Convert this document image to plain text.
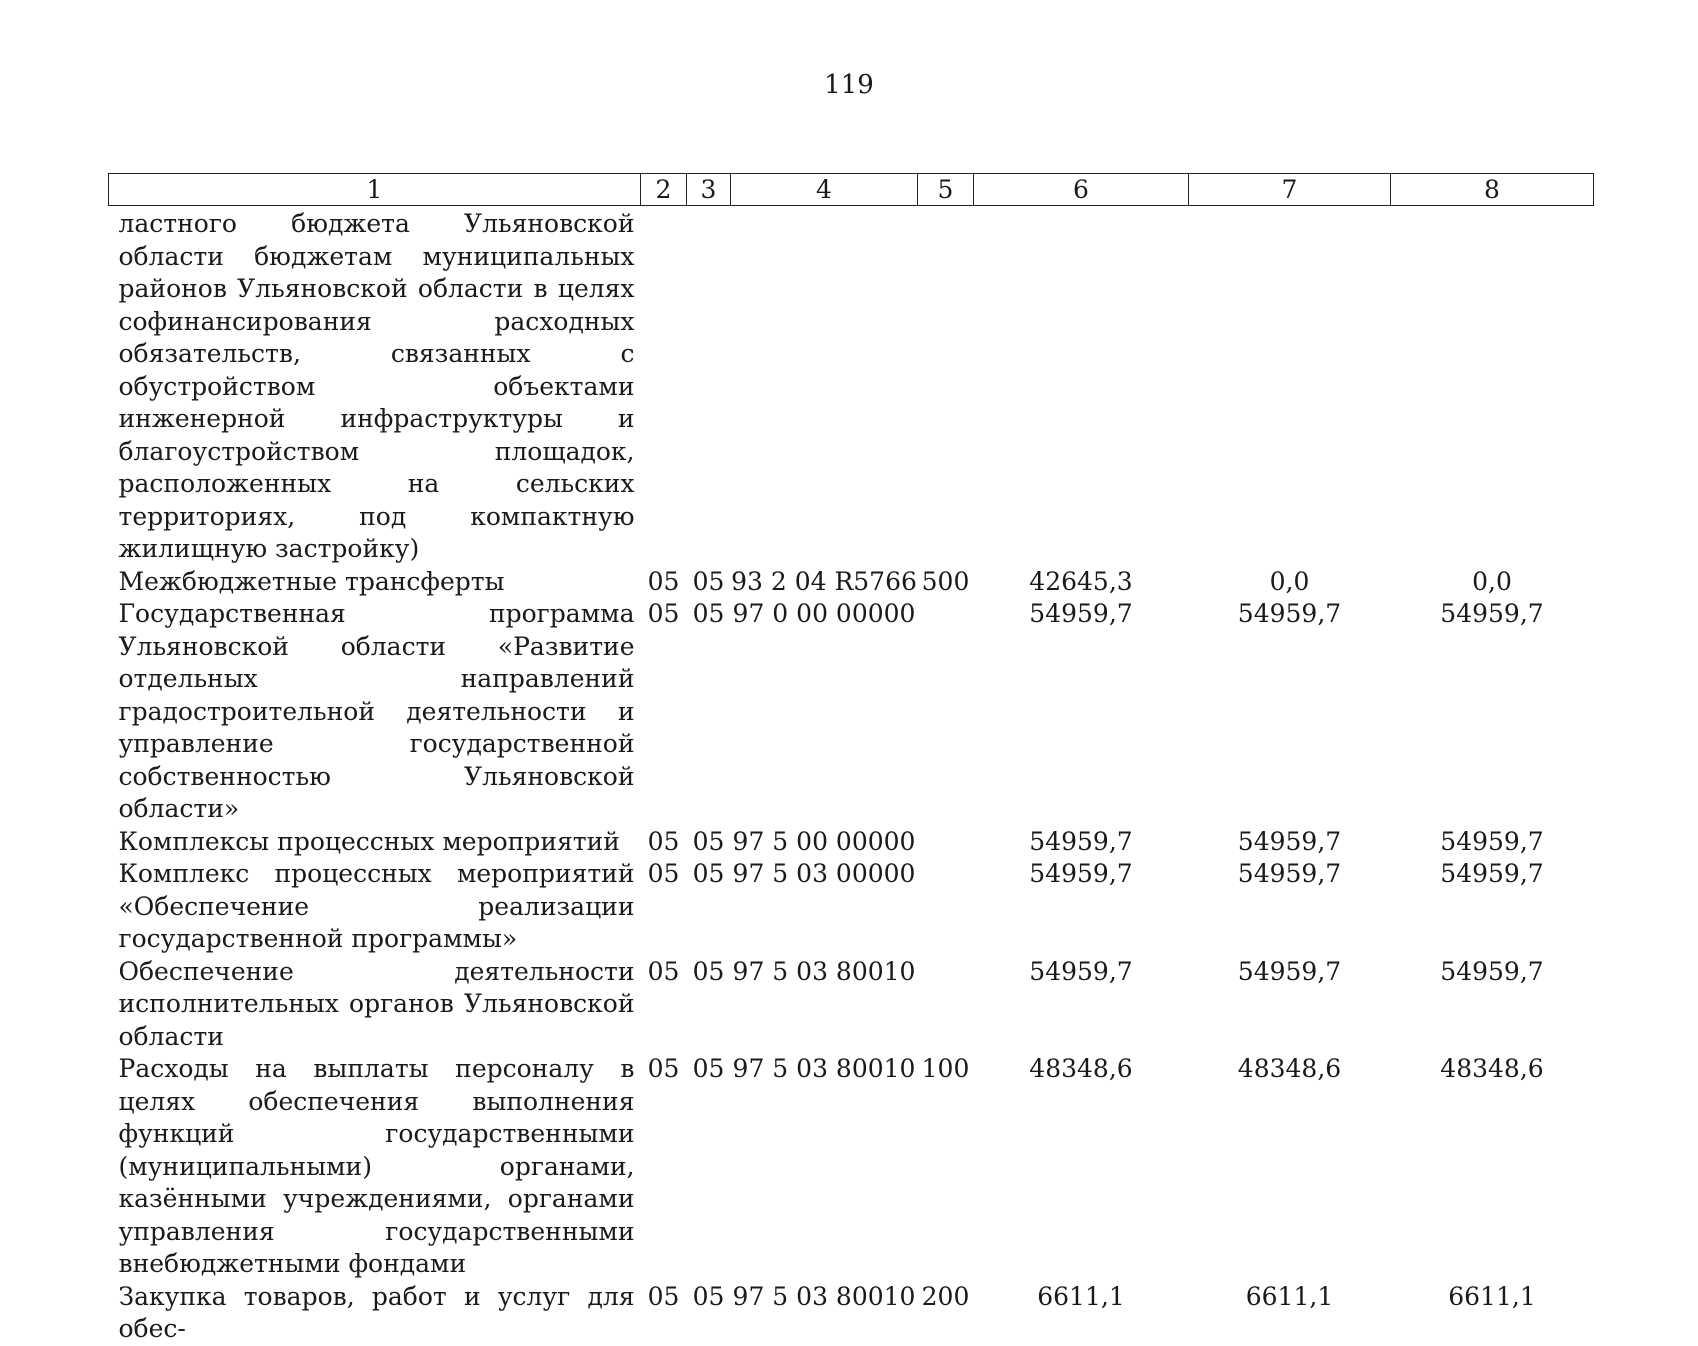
119
1	2	3	4	5	6	7	8
ластного бюджета Ульяновской области бюджетам муниципальных районов Ульяновской области в целях софинансирования расходных обязательств, связанных с обустройством объектами инженерной инфраструктуры и благоустройством площадок, расположенных на сельских территориях, под компактную жилищную застройку)							
Межбюджетные трансферты	05	05	93 2 04 R5766	500	42645,3	0,0	0,0
Государственная программа Ульяновской области «Развитие отдельных направлений градостроительной деятельности и управление государственной собственностью Ульяновской области»	05	05	97 0 00 00000		54959,7	54959,7	54959,7
Комплексы процессных мероприятий	05	05	97 5 00 00000		54959,7	54959,7	54959,7
Комплекс процессных мероприятий «Обеспечение реализации государственной программы»	05	05	97 5 03 00000		54959,7	54959,7	54959,7
Обеспечение деятельности исполнительных органов Ульяновской области	05	05	97 5 03 80010		54959,7	54959,7	54959,7
Расходы на выплаты персоналу в целях обеспечения выполнения функций государственными (муниципальными) органами, казёнными учреждениями, органами управления государственными внебюджетными фондами	05	05	97 5 03 80010	100	48348,6	48348,6	48348,6
Закупка товаров, работ и услуг для обес-	05	05	97 5 03 80010	200	6611,1	6611,1	6611,1
